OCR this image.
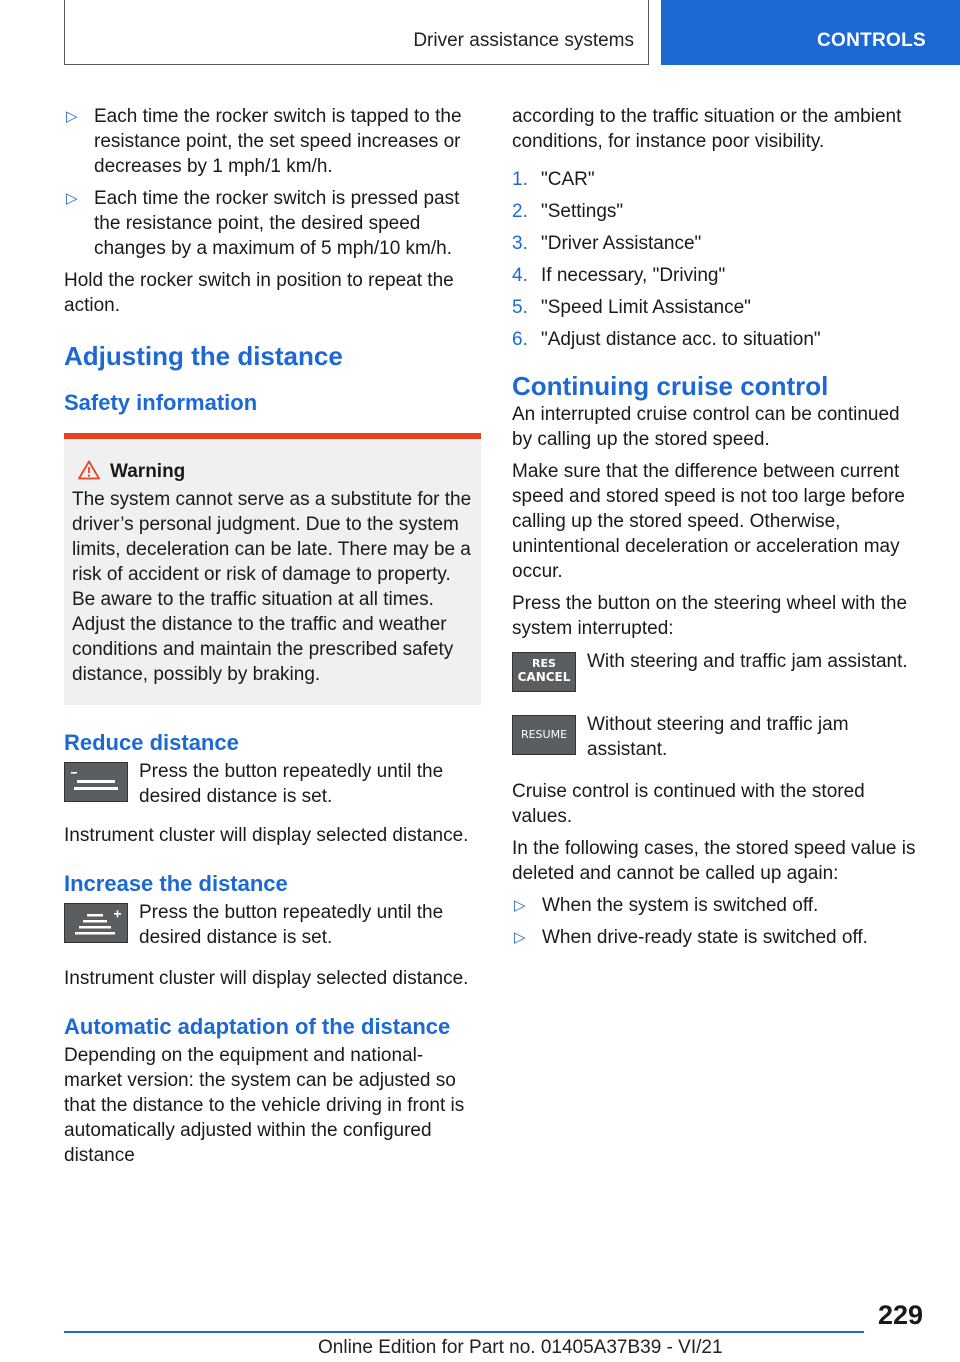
Driver assistance systems	CONTROLS
▷ Each time the rocker switch is tapped to the resistance point, the set speed increases or decreases by 1 mph/1 km/h.
▷ Each time the rocker switch is pressed past the resistance point, the desired speed changes by a maximum of 5 mph/10 km/h.

Hold the rocker switch in position to repeat the action.

Adjusting the distance
Safety information
Warning

The system cannot serve as a substitute for the driver’s personal judgment. Due to the system limits, deceleration can be late. There may be a risk of accident or risk of damage to property.

Be aware to the traffic situation at all times. Adjust the distance to the traffic and weather conditions and maintain the prescribed safety distance, possibly by braking.

Reduce distance
Press the button repeatedly until the desired distance is set.

Instrument cluster will display selected distance.

Increase the distance
Press the button repeatedly until the desired distance is set.

Instrument cluster will display selected distance.

Automatic adaptation of the distance

Depending on the equipment and national-market version: the system can be adjusted so that the distance to the vehicle driving in front is automatically adjusted within the configured distance

according to the traffic situation or the ambient conditions, for instance poor visibility.

1. "CAR"
2. "Settings"
3. "Driver Assistance"
4. If necessary, "Driving"
5. "Speed Limit Assistance"
6. "Adjust distance acc. to situation"
Continuing cruise control

An interrupted cruise control can be continued by calling up the stored speed.

Make sure that the difference between current speed and stored speed is not too large before calling up the stored speed. Otherwise, unintentional deceleration or acceleration may occur.

Press the button on the steering wheel with the system interrupted:

RES
CANCEL
With steering and traffic jam assistant.
RESUME	Without steering and traffic jam assistant.

Cruise control is continued with the stored values.

In the following cases, the stored speed value is deleted and cannot be called up again:

▷ When the system is switched off.
▷ When drive-ready state is switched off.
229
Online Edition for Part no. 01405A37B39 - VI/21
